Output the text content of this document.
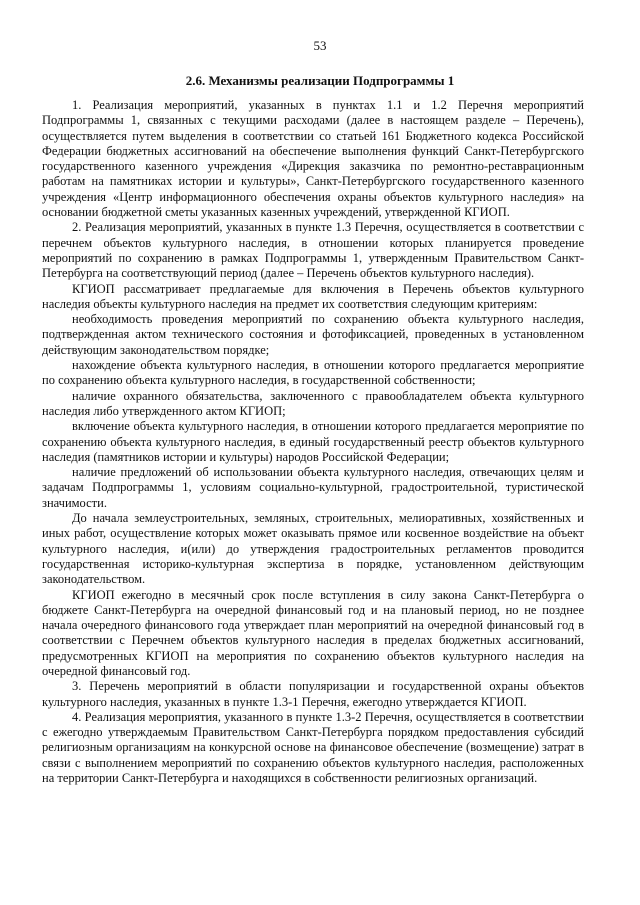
53
2.6. Механизмы реализации Подпрограммы 1

1. Реализация мероприятий, указанных в пунктах 1.1 и 1.2 Перечня мероприятий Подпрограммы 1, связанных с текущими расходами (далее в настоящем разделе – Перечень), осуществляется путем выделения в соответствии со статьей 161 Бюджетного кодекса Российской Федерации бюджетных ассигнований на обеспечение выполнения функций Санкт-Петербургского государственного казенного учреждения «Дирекция заказчика по ремонтно-реставрационным работам на памятниках истории и культуры», Санкт-Петербургского государственного казенного учреждения «Центр информационного обеспечения охраны объектов культурного наследия» на основании бюджетной сметы указанных казенных учреждений, утвержденной КГИОП.

2. Реализация мероприятий, указанных в пункте 1.3 Перечня, осуществляется в соответствии с перечнем объектов культурного наследия, в отношении которых планируется проведение мероприятий по сохранению в рамках Подпрограммы 1, утвержденным Правительством Санкт-Петербурга на соответствующий период (далее – Перечень объектов культурного наследия).

КГИОП рассматривает предлагаемые для включения в Перечень объектов культурного наследия объекты культурного наследия на предмет их соответствия следующим критериям:

необходимость проведения мероприятий по сохранению объекта культурного наследия, подтвержденная актом технического состояния и фотофиксацией, проведенных в установленном действующим законодательством порядке;

нахождение объекта культурного наследия, в отношении которого предлагается мероприятие по сохранению объекта культурного наследия, в государственной собственности;

наличие охранного обязательства, заключенного с правообладателем объекта культурного наследия либо утвержденного актом КГИОП;

включение объекта культурного наследия, в отношении которого предлагается мероприятие по сохранению объекта культурного наследия, в единый государственный реестр объектов культурного наследия (памятников истории и культуры) народов Российской Федерации;

наличие предложений об использовании объекта культурного наследия, отвечающих целям и задачам Подпрограммы 1, условиям социально-культурной, градостроительной, туристической значимости.

До начала землеустроительных, земляных, строительных, мелиоративных, хозяйственных и иных работ, осуществление которых может оказывать прямое или косвенное воздействие на объект культурного наследия, и(или) до утверждения градостроительных регламентов проводится государственная историко-культурная экспертиза в порядке, установленном действующим законодательством.

КГИОП ежегодно в месячный срок после вступления в силу закона Санкт-Петербурга о бюджете Санкт-Петербурга на очередной финансовый год и на плановый период, но не позднее начала очередного финансового года утверждает план мероприятий на очередной финансовый год в соответствии с Перечнем объектов культурного наследия в пределах бюджетных ассигнований, предусмотренных КГИОП на мероприятия по сохранению объектов культурного наследия на очередной финансовый год.

3. Перечень мероприятий в области популяризации и государственной охраны объектов культурного наследия, указанных в пункте 1.3-1 Перечня, ежегодно утверждается КГИОП.

4. Реализация мероприятия, указанного в пункте 1.3-2 Перечня, осуществляется в соответствии с ежегодно утверждаемым Правительством Санкт-Петербурга порядком предоставления субсидий религиозным организациям на конкурсной основе на финансовое обеспечение (возмещение) затрат в связи с выполнением мероприятий по сохранению объектов культурного наследия, расположенных на территории Санкт-Петербурга и находящихся в собственности религиозных организаций.
